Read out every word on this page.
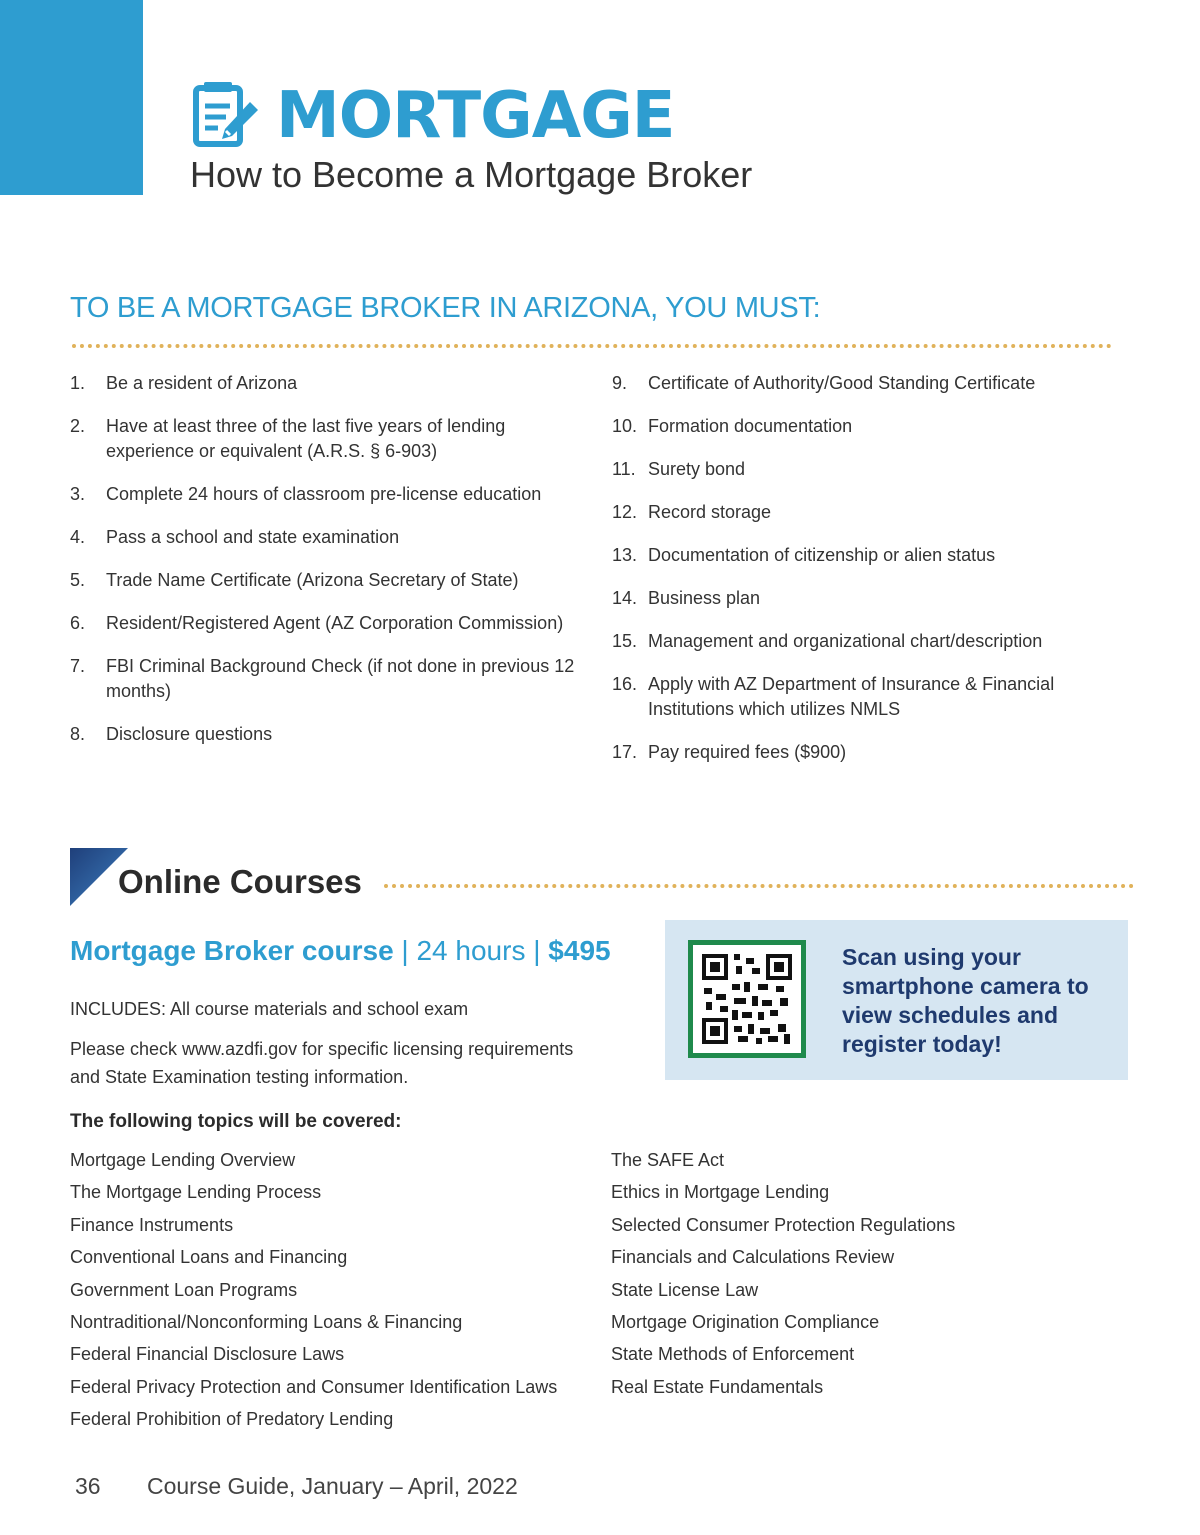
MORTGAGE
How to Become a Mortgage Broker
TO BE A MORTGAGE BROKER IN ARIZONA, YOU MUST:
1.	Be a resident of Arizona
2.	Have at least three of the last five years of lending experience or equivalent (A.R.S. § 6-903)
3.	Complete 24 hours of classroom pre-license education
4.	Pass a school and state examination
5.	Trade Name Certificate (Arizona Secretary of State)
6.	Resident/Registered Agent (AZ Corporation Commission)
7.	FBI Criminal Background Check (if not done in previous 12 months)
8.	Disclosure questions
9.	Certificate of Authority/Good Standing Certificate
10. Formation documentation
11. Surety bond
12. Record storage
13. Documentation of citizenship or alien status
14. Business plan
15. Management and organizational chart/description
16. Apply with AZ Department of Insurance & Financial Institutions which utilizes NMLS
17. Pay required fees ($900)
Online Courses
Mortgage Broker course | 24 hours | $495
INCLUDES: All course materials and school exam
Please check www.azdfi.gov for specific licensing requirements and State Examination testing information.
Scan using your smartphone camera to view schedules and register today!
The following topics will be covered:
Mortgage Lending Overview
The Mortgage Lending Process
Finance Instruments
Conventional Loans and Financing
Government Loan Programs
Nontraditional/Nonconforming Loans & Financing
Federal Financial Disclosure Laws
Federal Privacy Protection and Consumer Identification Laws
Federal Prohibition of Predatory Lending
The SAFE Act
Ethics in Mortgage Lending
Selected Consumer Protection Regulations
Financials and Calculations Review
State License Law
Mortgage Origination Compliance
State Methods of Enforcement
Real Estate Fundamentals
36 Course Guide, January – April, 2022
